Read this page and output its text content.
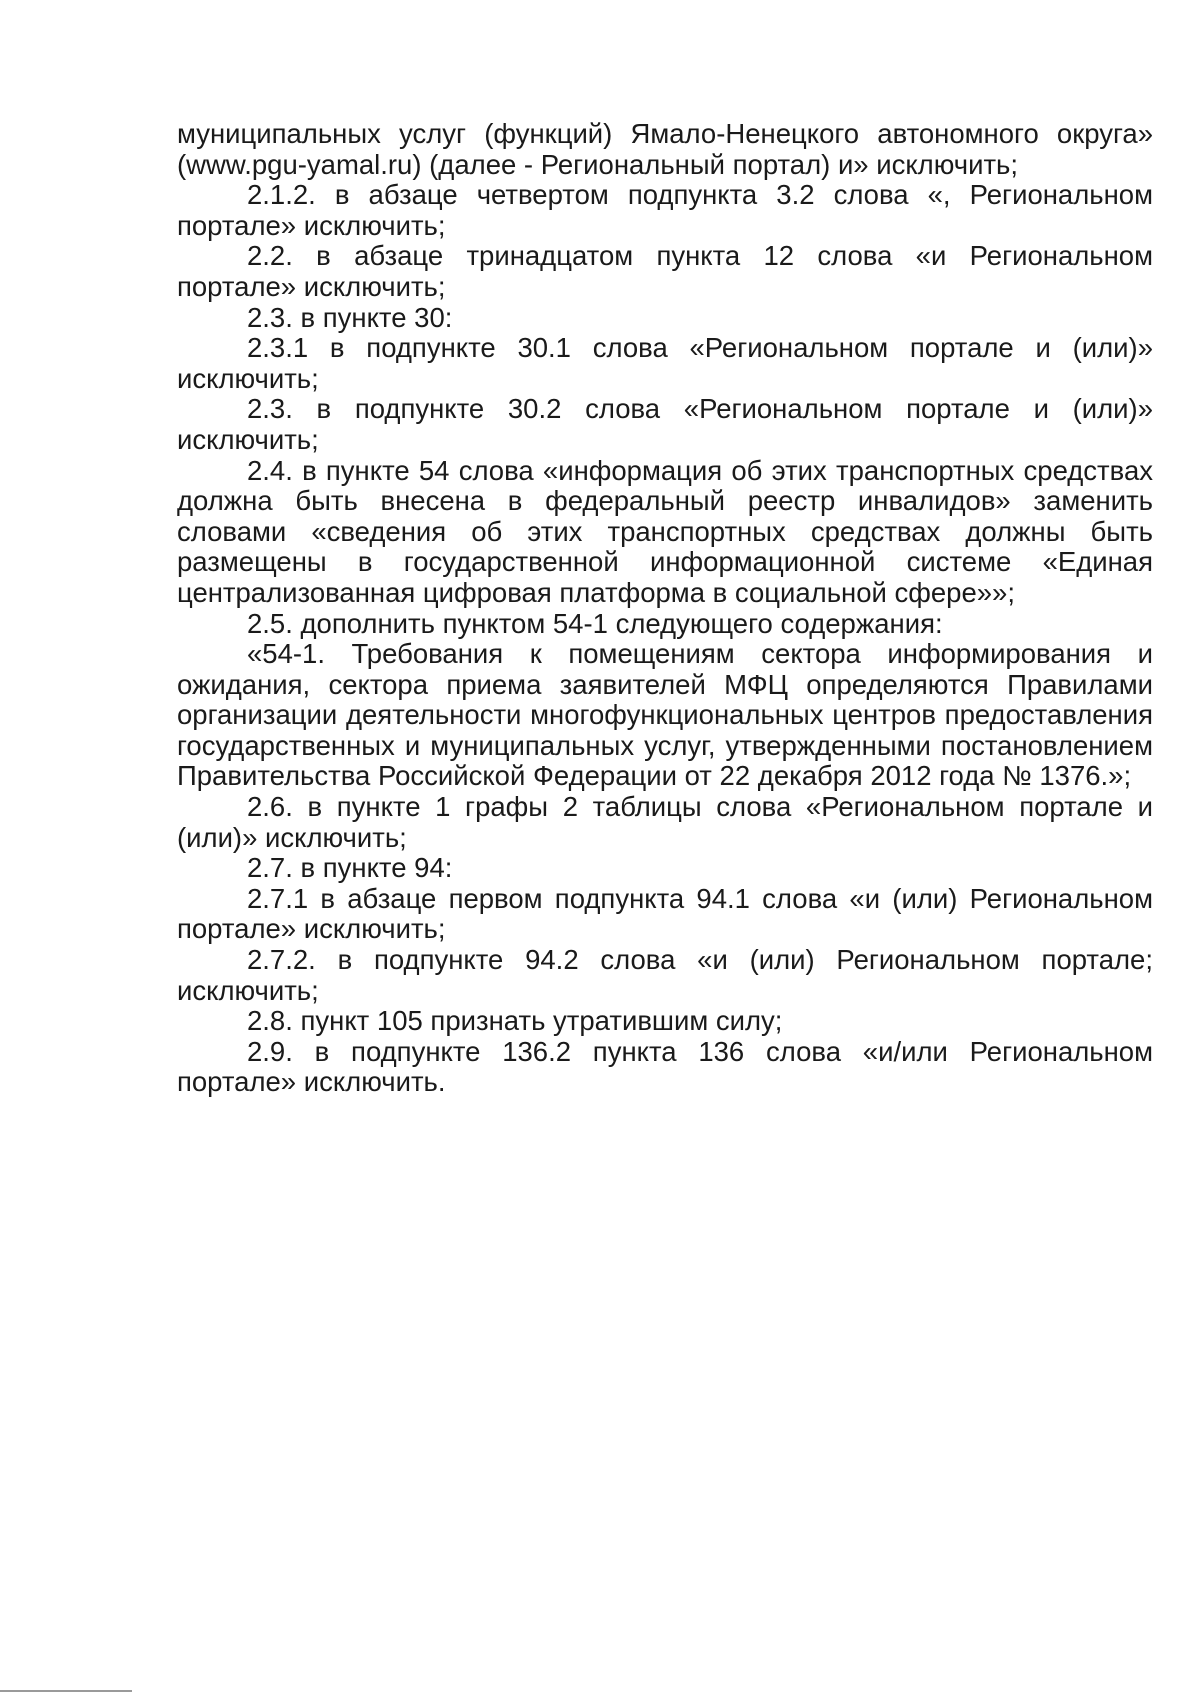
муниципальных услуг (функций) Ямало-Ненецкого автономного округа» (www.pgu-yamal.ru) (далее - Региональный портал) и» исключить;

2.1.2. в абзаце четвертом подпункта 3.2 слова «, Региональном портале» исключить;

2.2. в абзаце тринадцатом пункта 12 слова «и Региональном портале» исключить;

2.3. в пункте 30:

2.3.1 в подпункте 30.1 слова «Региональном портале и (или)» исключить;

2.3. в подпункте 30.2 слова «Региональном портале и (или)» исключить;

2.4. в пункте 54 слова «информация об этих транспортных средствах должна быть внесена в федеральный реестр инвалидов» заменить словами «сведения об этих транспортных средствах должны быть размещены в государственной информационной системе «Единая централизованная цифровая платформа в социальной сфере»»;

2.5. дополнить пунктом 54-1 следующего содержания:

«54-1. Требования к помещениям сектора информирования и ожидания, сектора приема заявителей МФЦ определяются Правилами организации деятельности многофункциональных центров предоставления государственных и муниципальных услуг, утвержденными постановлением Правительства Российской Федерации от 22 декабря 2012 года № 1376.»;

2.6. в пункте 1 графы 2 таблицы слова «Региональном портале и (или)» исключить;

2.7. в пункте 94:

2.7.1 в абзаце первом подпункта 94.1 слова «и (или) Региональном портале» исключить;

2.7.2. в подпункте 94.2 слова «и (или) Региональном портале; исключить;

2.8. пункт 105 признать утратившим силу;

2.9. в подпункте 136.2 пункта 136 слова «и/или Региональном портале» исключить.
